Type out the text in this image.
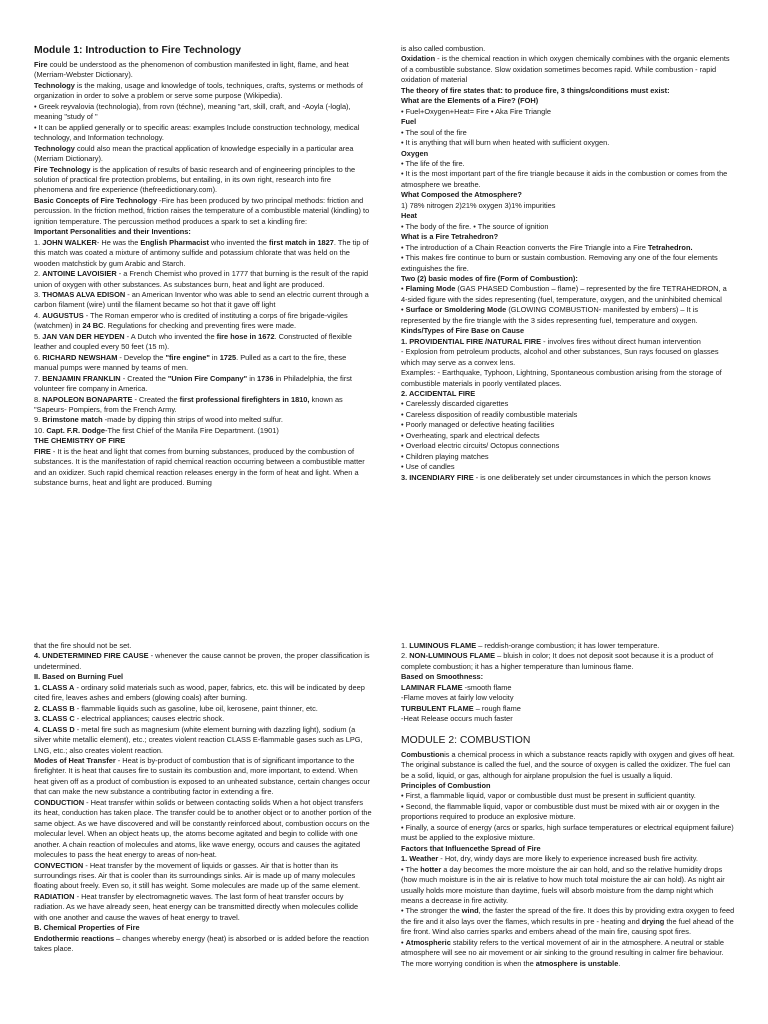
Module 1: Introduction to Fire Technology

Fire could be understood as the phenomenon of combustion manifested in light, flame, and heat (Merriam-Webster Dictionary).

Technology is the making, usage and knowledge of tools, techniques, crafts, systems or methods of organization in order to solve a problem or serve some purpose (Wikipedia).

• Greek reyvalovia (technologia), from rovn (téchne), meaning "art, skill, craft, and -Aoyla (-logla), meaning "study of "

• It can be applied generally or to specific areas: examples Include construction technology, medical technology, and Information technology.

Technology could also mean the practical application of knowledge especially in a particular area (Merriam Dictionary).

Fire Technology is the application of results of basic research and of engineering principles to the solution of practical fire protection problems, but entailing, in its own right, research into fire phenomena and fire experience (thefreedictionary.com).

Basic Concepts of Fire Technology -Fire has been produced by two principal methods: friction and percussion. In the friction method, friction raises the temperature of a combustible material (kindling) to ignition temperature. The percussion method produces a spark to set a kindling fire:

Important Personalities and their Inventions:

1. JOHN WALKER- He was the English Pharmacist who invented the first match in 1827. The tip of this match was coated a mixture of antimony sulfide and potassium chlorate that was held on the wooden matchstick by gum Arabic and Starch.

2. ANTOINE LAVOISIER - a French Chemist who proved in 1777 that burning is the result of the rapid union of oxygen with other substances. As substances burn, heat and light are produced.

3. THOMAS ALVA EDISON - an American Inventor who was able to send an electric current through a carbon filament (wire) until the filament became so hot that it gave off light

4. AUGUSTUS - The Roman emperor who is credited of instituting a corps of fire brigade-vigiles (watchmen) in 24 BC. Regulations for checking and preventing fires were made.

5. JAN VAN DER HEYDEN - A Dutch who invented the fire hose in 1672. Constructed of flexible leather and coupled every 50 feet (15 m).

6. RICHARD NEWSHAM - Develop the "fire engine" in 1725. Pulled as a cart to the fire, these manual pumps were manned by teams of men.

7. BENJAMIN FRANKLIN - Created the "Union Fire Company" in 1736 in Philadelphia, the first volunteer fire company in America.

8. NAPOLEON BONAPARTE - Created the first professional firefighters in 1810, known as "Sapeurs- Pompiers, from the French Army.

9. Brimstone match -made by dipping thin strips of wood into melted sulfur.

10. Capt. F.R. Dodge-The first Chief of the Manila Fire Department. (1901)

THE CHEMISTRY OF FIRE

FIRE - It is the heat and light that comes from burning substances, produced by the combustion of substances. It is the manifestation of rapid chemical reaction occurring between a combustible matter and an oxidizer. Such rapid chemical reaction releases energy in the form of heat and light. When a substance burns, heat and light are produced. Burning

is also called combustion.

Oxidation - is the chemical reaction in which oxygen chemically combines with the organic elements of a combustible substance. Slow oxidation sometimes becomes rapid. While combustion - rapid oxidation of material

The theory of fire states that: to produce fire, 3 things/conditions must exist:

What are the Elements of a Fire? (FOH)

• Fuel+Oxygen+Heat= Fire • Aka Fire Triangle

Fuel

• The soul of the fire

• It is anything that will burn when heated with sufficient oxygen.

Oxygen

• The life of the fire.

• It is the most important part of the fire triangle because it aids in the combustion or comes from the atmosphere we breathe.

What Composed the Atmosphere?

1) 78% nitrogen 2)21% oxygen 3)1% impurities

Heat

• The body of the fire. • The source of ignition

What is a Fire Tetrahedron?

• The introduction of a Chain Reaction converts the Fire Triangle into a Fire Tetrahedron.

• This makes fire continue to burn or sustain combustion. Removing any one of the four elements extinguishes the fire.

Two (2) basic modes of fire (Form of Combustion):

• Flaming Mode (GAS PHASED Combustion – flame) – represented by the fire TETRAHEDRON, a 4-sided figure with the sides representing (fuel, temperature, oxygen, and the uninhibited chemical

• Surface or Smoldering Mode (GLOWING COMBUSTION- manifested by embers) – It is represented by the fire triangle with the 3 sides representing fuel, temperature and oxygen.

Kinds/Types of Fire Base on Cause

1. PROVIDENTIAL FIRE /NATURAL FIRE - involves fires without direct human intervention

- Explosion from petroleum products, alcohol and other substances, Sun rays focused on glasses which may serve as a convex lens.

Examples: - Earthquake, Typhoon, Lightning, Spontaneous combustion arising from the storage of combustible materials in poorly ventilated places.

2. ACCIDENTAL FIRE

• Carelessly discarded cigarettes

• Careless disposition of readily combustible materials

• Poorly managed or defective heating facilities

• Overheating, spark and electrical defects

• Overload electric circuits/ Octopus connections

• Children playing matches

• Use of candles

3. INCENDIARY FIRE - is one deliberately set under circumstances in which the person knows

that the fire should not be set.

4. UNDETERMINED FIRE CAUSE - whenever the cause cannot be proven, the proper classification is undetermined.

II. Based on Burning Fuel

1. CLASS A - ordinary solid materials such as wood, paper, fabrics, etc. this will be indicated by deep cited fire, leaves ashes and embers (glowing coals) after burning.

2. CLASS B - flammable liquids such as gasoline, lube oil, kerosene, paint thinner, etc.

3. CLASS C - electrical appliances; causes electric shock.

4. CLASS D - metal fire such as magnesium (white element burning with dazzling light), sodium (a silver white metallic element), etc.; creates violent reaction CLASS E-flammable gases such as LPG, LNG, etc.; also creates violent reaction.

Modes of Heat Transfer - Heat is by-product of combustion that is of significant importance to the firefighter. It is heat that causes fire to sustain its combustion and, more important, to extend. When heat given off as a product of combustion is exposed to an unheated substance, certain changes occur that can make the new substance a contributing factor in extending a fire.

CONDUCTION - Heat transfer within solids or between contacting solids When a hot object transfers its heat, conduction has taken place. The transfer could be to another object or to another portion of the same object. As we have discovered and will be constantly reinforced about, combustion occurs on the molecular level. When an object heats up, the atoms become agitated and begin to collide with one another. A chain reaction of molecules and atoms, like wave energy, occurs and causes the agitated molecules to pass the heat energy to areas of non-heat.

CONVECTION - Heat transfer by the movement of liquids or gasses. Air that is hotter than its surroundings rises. Air that is cooler than its surroundings sinks. Air is made up of many molecules floating about freely. Even so, it still has weight. Some molecules are made up of the same element.

RADIATION - Heat transfer by electromagnetic waves. The last form of heat transfer occurs by radiation. As we have already seen, heat energy can be transmitted directly when molecules collide with one another and cause the waves of heat energy to travel.

B. Chemical Properties of Fire

Endothermic reactions – changes whereby energy (heat) is absorbed or is added before the reaction takes place.

1. LUMINOUS FLAME – reddish-orange combustion; it has lower temperature.

2. NON-LUMINOUS FLAME – bluish in color; It does not deposit soot because it is a product of complete combustion; it has a higher temperature than luminous flame.

Based on Smoothness:

LAMINAR FLAME -smooth flame

-Flame moves at fairly low velocity

TURBULENT FLAME – rough flame

-Heat Release occurs much faster

MODULE 2: COMBUSTION

Combustionis a chemical process in which a substance reacts rapidly with oxygen and gives off heat. The original substance is called the fuel, and the source of oxygen is called the oxidizer. The fuel can be a solid, liquid, or gas, although for airplane propulsion the fuel is usually a liquid.

Principles of Combustion

• First, a flammable liquid, vapor or combustible dust must be present in sufficient quantity.

• Second, the flammable liquid, vapor or combustible dust must be mixed with air or oxygen in the proportions required to produce an explosive mixture.

• Finally, a source of energy (arcs or sparks, high surface temperatures or electrical equipment failure) must be applied to the explosive mixture.

Factors that Influencethe Spread of Fire

1. Weather - Hot, dry, windy days are more likely to experience increased bush fire activity.

• The hotter a day becomes the more moisture the air can hold, and so the relative humidity drops (how much moisture is in the air is relative to how much total moisture the air can hold). As night air usually holds more moisture than daytime, fuels will absorb moisture from the damp night which means a decrease in fire activity.

• The stronger the wind, the faster the spread of the fire. It does this by providing extra oxygen to feed the fire and it also lays over the flames, which results in pre - heating and drying the fuel ahead of the fire front. Wind also carries sparks and embers ahead of the main fire, causing spot fires.

• Atmospheric stability refers to the vertical movement of air in the atmosphere. A neutral or stable atmosphere will see no air movement or air sinking to the ground resulting in calmer fire behaviour. The more worrying condition is when the atmosphere is unstable.
